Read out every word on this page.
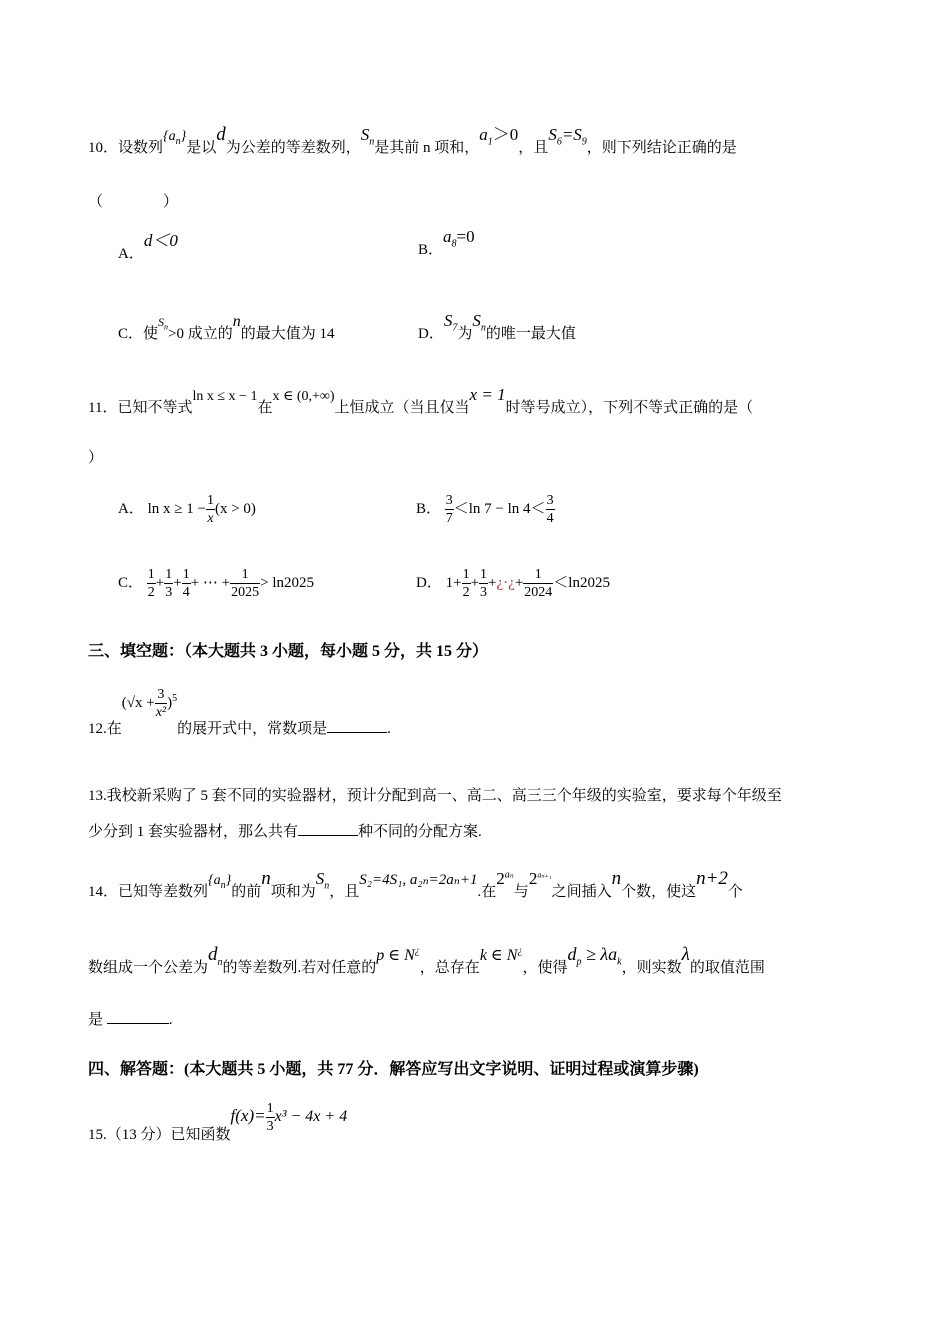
10．设数列$\{a_n\}$是以d为公差的等差数列，$S_n$是其前 n 项和，$a_1>0$，且$S_6=S_9$，则下列结论正确的是
（　　　　）
A．d＜0	B．$a_8=0$
C．使$^{S_n}$>0 成立的n的最大值为 14	D．$S_7$为$S_n$的唯一最大值
11．已知不等式ln x ≤ x − 1在x ∈ (0,+∞)上恒成立（当且仅当x = 1时等号成立），下列不等式正确的是（
）
A． $\ln x \ge 1 - \frac{1}{x} (x > 0)$	B． $\frac{3}{7} <\ln$ $7 - \ln 4< \frac{3}{4}$
C． $\frac{1}{2} + \frac{1}{3} + \frac{1}{4}$ + ⋯ + $\frac{1}{2025} > \ln 2025$	D． $1+ \frac{1}{2} + \frac{1}{3}$ +¿·¿+ $\frac{1}{2024} <\ln 2025$
三、填空题：（本大题共 3 小题，每小题 5 分，共 15 分）
12.在$(√x + \frac{3}{\text{x²}} )^5$的展开式中，常数项是	.
13.我校新采购了 5 套不同的实验器材，预计分配到高一、高二、高三三个年级的实验室，要求每个年级至
少分到 1 套实验器材，那么共有	种不同的分配方案.
14．已知等差数列$\{a_n\}$的前n项和为$S_n$，且S₂=4S₁, a₂ₙ=2aₙ+1.在$2^{a_n}$与$2^{a_{n+1}}$之间插入n个数，使这n+2个
数组成一个公差为$d_n$的等差数列.若对任意的p ∈ N¿，总存在k ∈ N¿，使得$d_p \ge \lambda a_k$，则实数λ的取值范围
是	.
四、解答题：(本大题共 5 小题，共 77 分．解答应写出文字说明、证明过程或演算步骤)
15.（13 分）已知函数$f(x)= \frac{1}{3} x^3 - 4x + 4$
